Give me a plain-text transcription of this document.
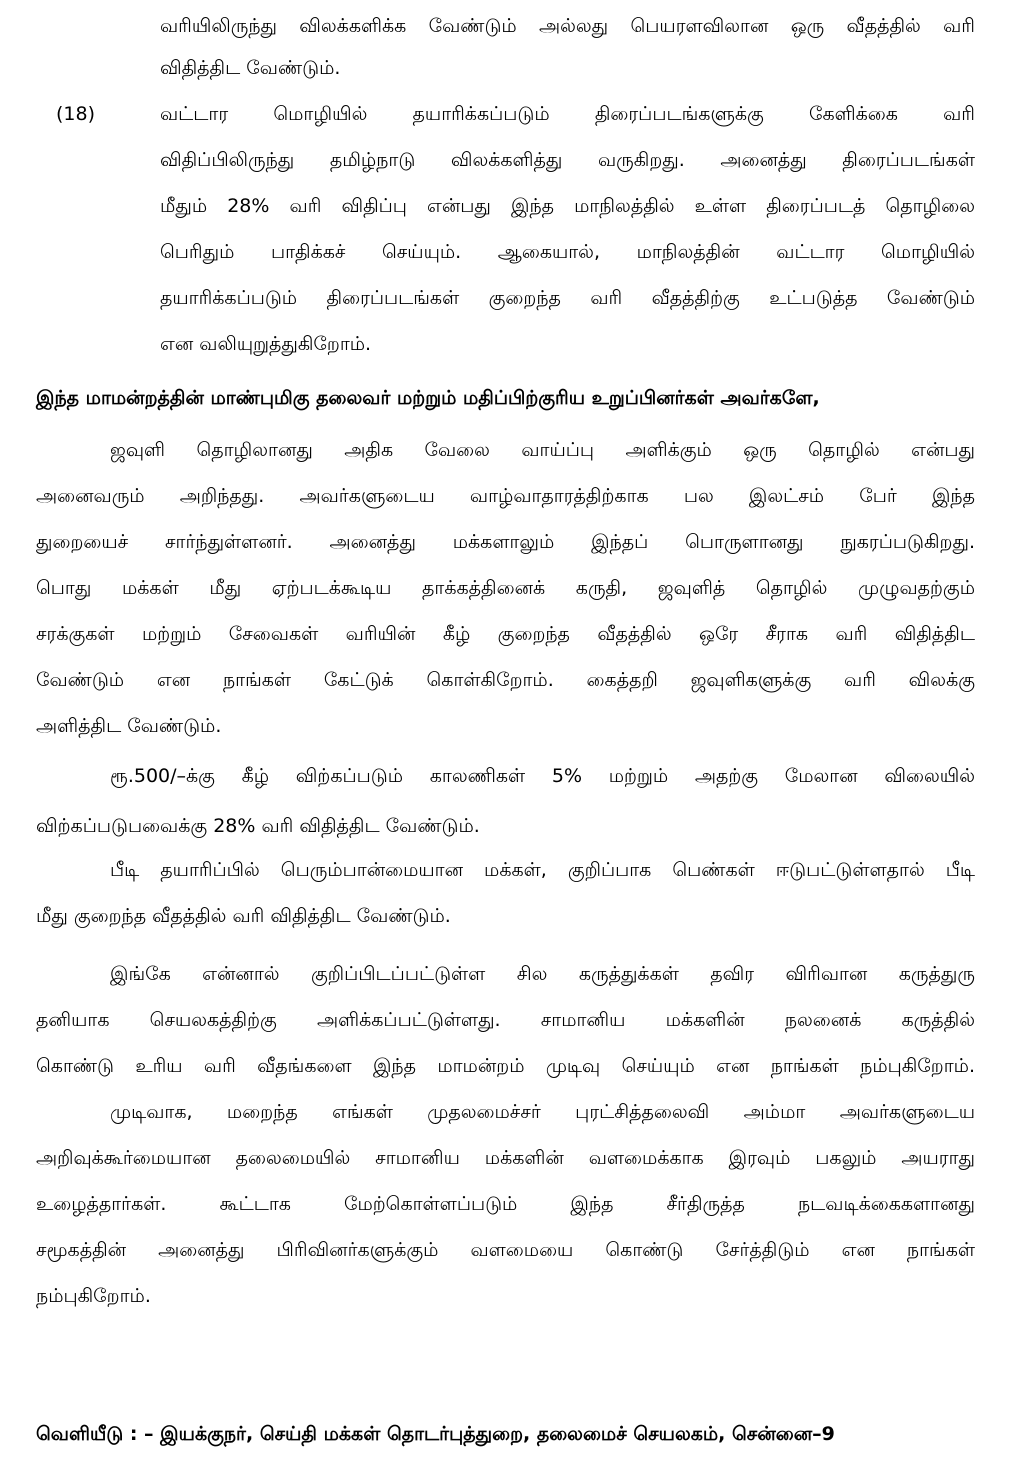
வரியிலிருந்து விலக்களிக்க வேண்டும் அல்லது பெயரளவிலான ஒரு வீதத்தில் வரி
விதித்திட வேண்டும்.
(18)	வட்டார மொழியில் தயாரிக்கப்படும் திரைப்படங்களுக்கு கேளிக்கை வரி
விதிப்பிலிருந்து தமிழ்நாடு விலக்களித்து வருகிறது. அனைத்து திரைப்படங்கள்
மீதும் 28% வரி விதிப்பு என்பது இந்த மாநிலத்தில் உள்ள திரைப்படத் தொழிலை
பெரிதும் பாதிக்கச் செய்யும். ஆகையால், மாநிலத்தின் வட்டார மொழியில்
தயாரிக்கப்படும் திரைப்படங்கள் குறைந்த வரி வீதத்திற்கு உட்படுத்த வேண்டும்
என வலியுறுத்துகிறோம்.
இந்த மாமன்றத்தின் மாண்புமிகு தலைவர் மற்றும் மதிப்பிற்குரிய உறுப்பினர்கள் அவர்களே,
ஜவுளி தொழிலானது அதிக வேலை வாய்ப்பு அளிக்கும் ஒரு தொழில் என்பது
அனைவரும் அறிந்தது. அவர்களுடைய வாழ்வாதாரத்திற்காக பல இலட்சம் பேர் இந்த
துறையைச் சார்ந்துள்ளனர். அனைத்து மக்களாலும் இந்தப் பொருளானது நுகரப்படுகிறது.
பொது மக்கள் மீது ஏற்படக்கூடிய தாக்கத்தினைக் கருதி, ஜவுளித் தொழில் முழுவதற்கும்
சரக்குகள் மற்றும் சேவைகள் வரியின் கீழ் குறைந்த வீதத்தில் ஒரே சீராக வரி விதித்திட
வேண்டும் என நாங்கள் கேட்டுக் கொள்கிறோம். கைத்தறி ஜவுளிகளுக்கு வரி விலக்கு
அளித்திட வேண்டும்.
ரூ.500/–க்கு கீழ் விற்கப்படும் காலணிகள் 5% மற்றும் அதற்கு மேலான விலையில்
விற்கப்படுபவைக்கு 28% வரி விதித்திட வேண்டும்.
பீடி தயாரிப்பில் பெரும்பான்மையான மக்கள், குறிப்பாக பெண்கள் ஈடுபட்டுள்ளதால் பீடி
மீது குறைந்த வீதத்தில் வரி விதித்திட வேண்டும்.
இங்கே என்னால் குறிப்பிடப்பட்டுள்ள சில கருத்துக்கள் தவிர விரிவான கருத்துரு
தனியாக செயலகத்திற்கு அளிக்கப்பட்டுள்ளது. சாமானிய மக்களின் நலனைக் கருத்தில்
கொண்டு உரிய வரி வீதங்களை இந்த மாமன்றம் முடிவு செய்யும் என நாங்கள் நம்புகிறோம்.
முடிவாக, மறைந்த எங்கள் முதலமைச்சர் புரட்சித்தலைவி அம்மா அவர்களுடைய
அறிவுக்கூர்மையான தலைமையில் சாமானிய மக்களின் வளமைக்காக இரவும் பகலும் அயராது
உழைத்தார்கள். கூட்டாக மேற்கொள்ளப்படும் இந்த சீர்திருத்த நடவடிக்கைகளானது
சமூகத்தின் அனைத்து பிரிவினர்களுக்கும் வளமையை கொண்டு சேர்த்திடும் என நாங்கள்
நம்புகிறோம்.
வெளியீடு : – இயக்குநர், செய்தி மக்கள் தொடர்புத்துறை, தலைமைச் செயலகம், சென்னை–9
